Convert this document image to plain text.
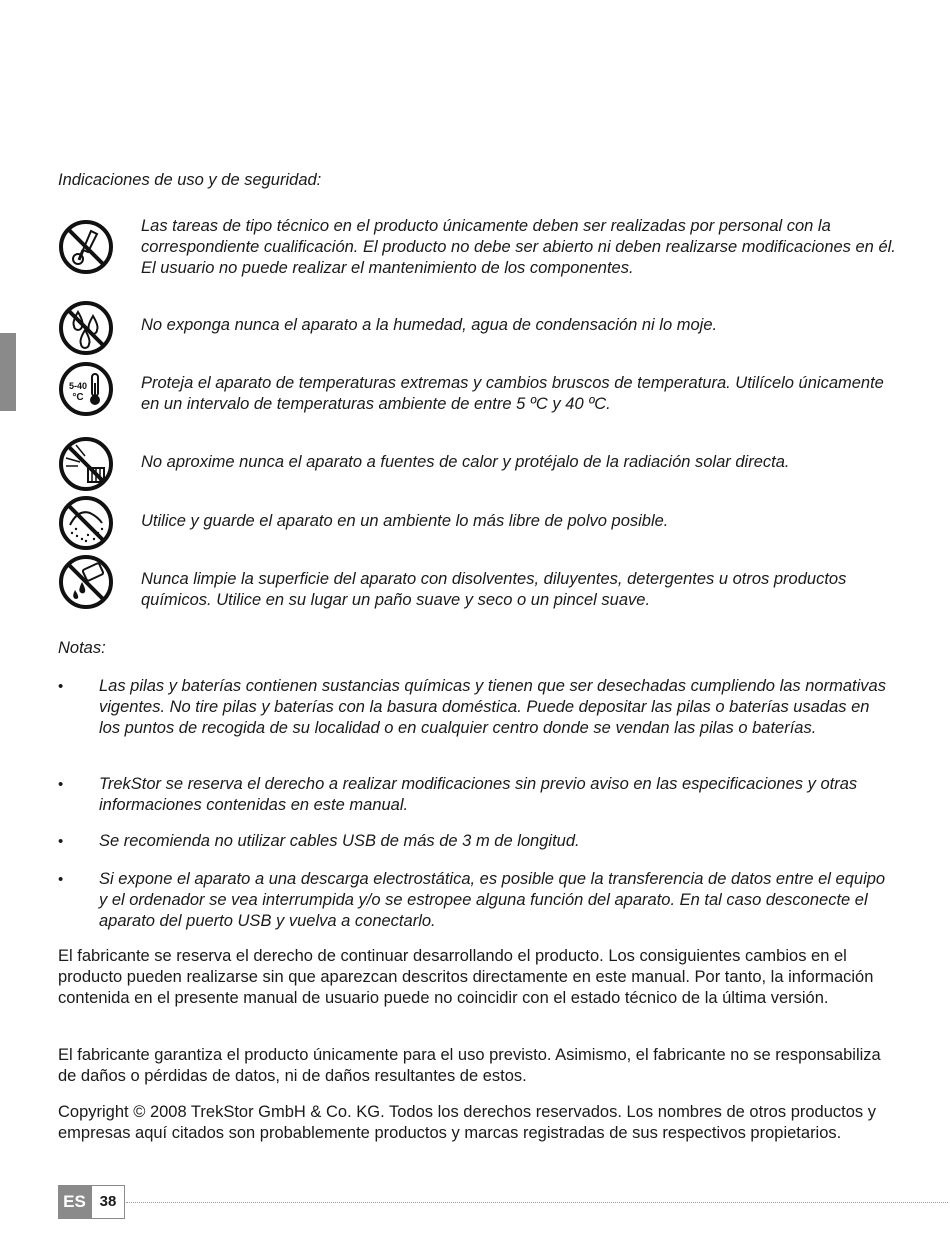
Indicaciones de uso y de seguridad:
Las tareas de tipo técnico en el producto únicamente deben ser realizadas por personal con la correspondiente cualificación. El producto no debe ser abierto ni deben realizarse modificaciones en él. El usuario no puede realizar el mantenimiento de los componentes.
No exponga nunca el aparato a la humedad, agua de condensación ni lo moje.
5-40
°C
Proteja el aparato de temperaturas extremas y cambios bruscos de temperatura. Utilícelo únicamente en un intervalo de temperaturas ambiente de entre 5 ºC y 40 ºC.
No aproxime nunca el aparato a fuentes de calor y protéjalo de la radiación solar directa.
Utilice y guarde el aparato en un ambiente lo más libre de polvo posible.
Nunca limpie la superficie del aparato con disolventes, diluyentes, detergentes u otros productos químicos. Utilice en su lugar un paño suave y seco o un pincel suave.
Notas:
• Las pilas y baterías contienen sustancias químicas y tienen que ser desechadas cumpliendo las normativas vigentes. No tire pilas y baterías con la basura doméstica. Puede depositar las pilas o baterías usadas en los puntos de recogida de su localidad o en cualquier centro donde se vendan las pilas o baterías.
• TrekStor se reserva el derecho a realizar modificaciones sin previo aviso en las especificaciones y otras informaciones contenidas en este manual.
• Se recomienda no utilizar cables USB de más de 3 m de longitud.
• Si expone el aparato a una descarga electrostática, es posible que la transferencia de datos entre el equipo y el ordenador se vea interrumpida y/o se estropee alguna función del aparato. En tal caso desconecte el aparato del puerto USB y vuelva a conectarlo.
El fabricante se reserva el derecho de continuar desarrollando el producto. Los consiguientes cambios en el producto pueden realizarse sin que aparezcan descritos directamente en este manual. Por tanto, la información contenida en el presente manual de usuario puede no coincidir con el estado técnico de la última versión.
El fabricante garantiza el producto únicamente para el uso previsto. Asimismo, el fabricante no se responsabiliza de daños o pérdidas de datos, ni de daños resultantes de estos.
Copyright © 2008 TrekStor GmbH & Co. KG. Todos los derechos reservados. Los nombres de otros productos y empresas aquí citados son probablemente productos y marcas registradas de sus respectivos propietarios.
ES 38
